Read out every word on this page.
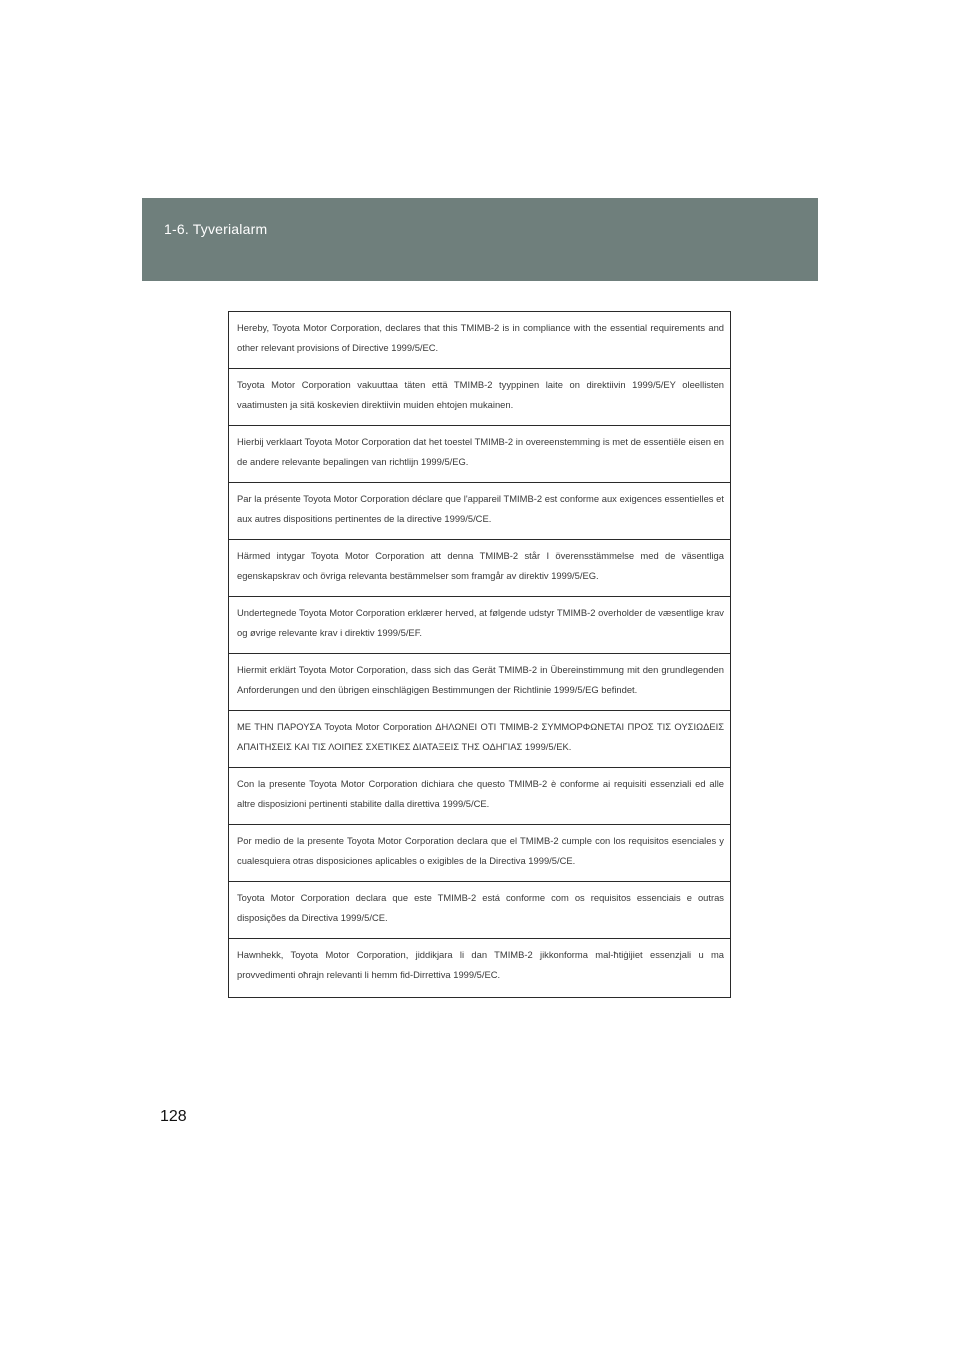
1-6. Tyverialarm
Hereby, Toyota Motor Corporation, declares that this TMIMB-2 is in compliance with the essential requirements and other relevant provisions of Directive 1999/5/EC.
Toyota Motor Corporation vakuuttaa täten että TMIMB-2 tyyppinen laite on direktiivin 1999/5/EY oleellisten vaatimusten ja sitä koskevien direktiivin muiden ehtojen mukainen.
Hierbij verklaart Toyota Motor Corporation dat het toestel TMIMB-2 in overeenstemming is met de essentiële eisen en de andere relevante bepalingen van richtlijn 1999/5/EG.
Par la présente Toyota Motor Corporation déclare que l'appareil TMIMB-2 est conforme aux exigences essentielles et aux autres dispositions pertinentes de la directive 1999/5/CE.
Härmed intygar Toyota Motor Corporation att denna TMIMB-2 står I överensstämmelse med de väsentliga egenskapskrav och övriga relevanta bestämmelser som framgår av direktiv 1999/5/EG.
Undertegnede Toyota Motor Corporation erklærer herved, at følgende udstyr TMIMB-2 overholder de væsentlige krav og øvrige relevante krav i direktiv 1999/5/EF.
Hiermit erklärt Toyota Motor Corporation, dass sich das Gerät TMIMB-2 in Übereinstimmung mit den grundlegenden Anforderungen und den übrigen einschlägigen Bestimmungen der Richtlinie 1999/5/EG befindet.
ΜΕ ΤΗΝ ΠΑΡΟΥΣΑ Toyota Motor Corporation ΔΗΛΩΝΕΙ ΟΤΙ TMIMB-2 ΣΥΜΜΟΡΦΩΝΕΤΑΙ ΠΡΟΣ ΤΙΣ ΟΥΣΙΩΔΕΙΣ ΑΠΑΙΤΗΣΕΙΣ ΚΑΙ ΤΙΣ ΛΟΙΠΕΣ ΣΧΕΤΙΚΕΣ ΔΙΑΤΑΞΕΙΣ ΤΗΣ ΟΔΗΓΙΑΣ 1999/5/ΕΚ.
Con la presente Toyota Motor Corporation dichiara che questo TMIMB-2 è conforme ai requisiti essenziali ed alle altre disposizioni pertinenti stabilite dalla direttiva 1999/5/CE.
Por medio de la presente Toyota Motor Corporation declara que el TMIMB-2 cumple con los requisitos esenciales y cualesquiera otras disposiciones aplicables o exigibles de la Directiva 1999/5/CE.
Toyota Motor Corporation declara que este TMIMB-2 está conforme com os requisitos essenciais e outras disposições da Directiva 1999/5/CE.
Hawnhekk, Toyota Motor Corporation, jiddikjara li dan TMIMB-2 jikkonforma mal-ħtiġijiet essenzjali u ma provvedimenti oħrajn relevanti li hemm fid-Dirrettiva 1999/5/EC.
128
